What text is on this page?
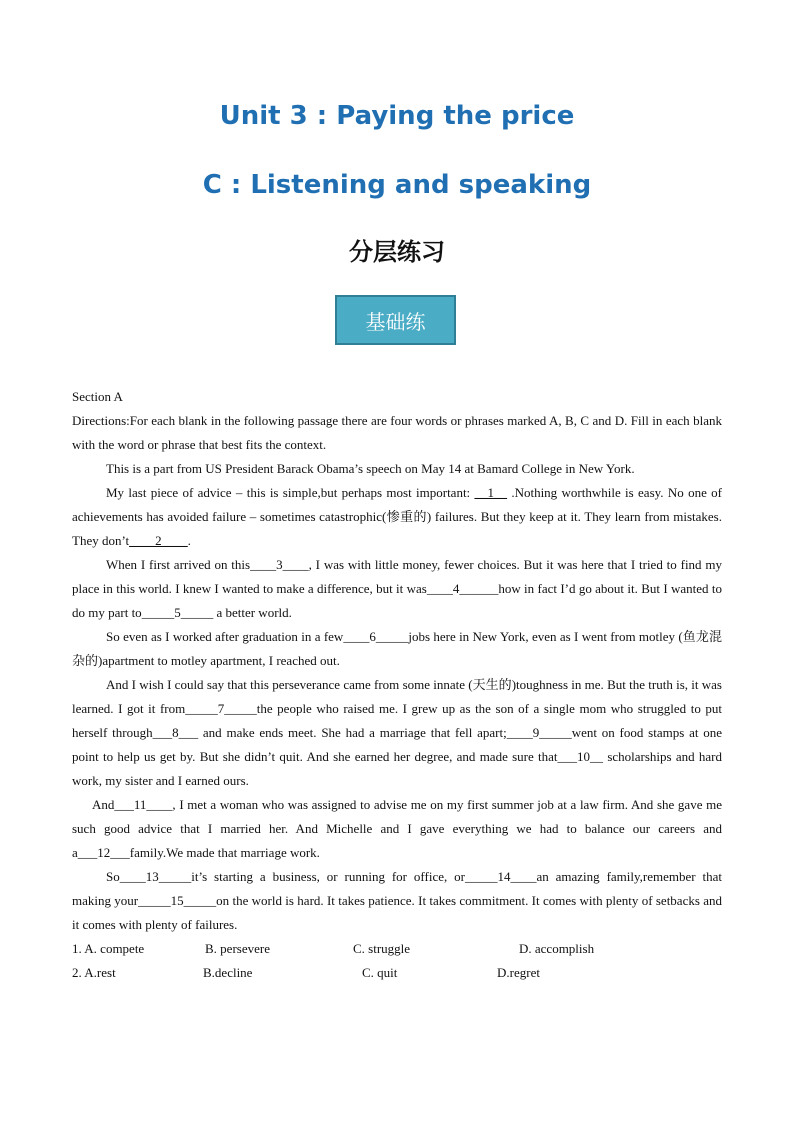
Unit 3 : Paying the price
C : Listening and speaking
分层练习
基础练

Section A

Directions:For each blank in the following passage there are four words or phrases marked A, B, C and D. Fill in each blank with the word or phrase that best fits the context.

This is a part from US President Barack Obama’s speech on May 14 at Bamard College in New York.

My last piece of advice – this is simple,but perhaps most important: __1__ .Nothing worthwhile is easy. No one of achievements has avoided failure – sometimes catastrophic(惨重的) failures. But they keep at it. They learn from mistakes. They don’t____2____.

When I first arrived on this____3____, I was with little money, fewer choices. But it was here that I tried to find my place in this world. I knew I wanted to make a difference, but it was____4______how in fact I’d go about it. But I wanted to do my part to_____5_____ a better world.

So even as I worked after graduation in a few____6_____jobs here in New York, even as I went from motley (鱼龙混杂的)apartment to motley apartment, I reached out.

And I wish I could say that this perseverance came from some innate (天生的)toughness in me. But the truth is, it was learned. I got it from_____7_____the people who raised me. I grew up as the son of a single mom who struggled to put herself through___8___ and make ends meet. She had a marriage that fell apart;____9_____went on food stamps at one point to help us get by. But she didn’t quit. And she earned her degree, and made sure that___10__ scholarships and hard work, my sister and I earned ours.

And___11____, I met a woman who was assigned to advise me on my first summer job at a law firm. And she gave me such good advice that I married her. And Michelle and I gave everything we had to balance our careers and a___12___family.We made that marriage work.

So____13_____it’s starting a business, or running for office, or_____14____an amazing family,remember that making your_____15_____on the world is hard. It takes patience. It takes commitment. It comes with plenty of setbacks and it comes with plenty of failures.

1. A. compete	B. persevere	C. struggle	D. accomplish
2. A.rest	B.decline	C. quit	D.regret
